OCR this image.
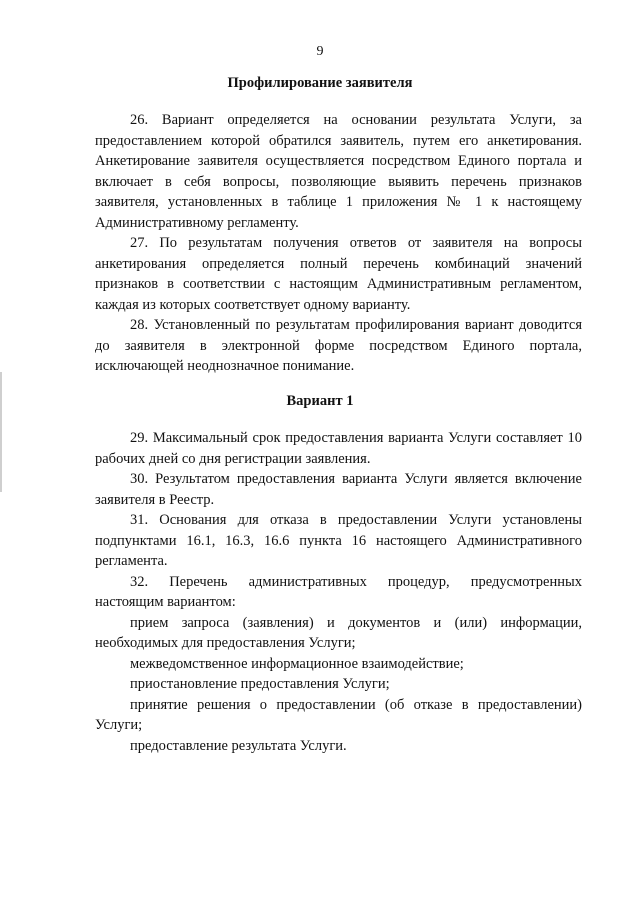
9
Профилирование заявителя

26. Вариант определяется на основании результата Услуги, за предоставлением которой обратился заявитель, путем его анкетирования. Анкетирование заявителя осуществляется посредством Единого портала и включает в себя вопросы, позволяющие выявить перечень признаков заявителя, установленных в таблице 1 приложения № 1 к настоящему Административному регламенту.

27. По результатам получения ответов от заявителя на вопросы анкетирования определяется полный перечень комбинаций значений признаков в соответствии с настоящим Административным регламентом, каждая из которых соответствует одному варианту.

28. Установленный по результатам профилирования вариант доводится до заявителя в электронной форме посредством Единого портала, исключающей неоднозначное понимание.

Вариант 1

29. Максимальный срок предоставления варианта Услуги составляет 10 рабочих дней со дня регистрации заявления.

30. Результатом предоставления варианта Услуги является включение заявителя в Реестр.

31. Основания для отказа в предоставлении Услуги установлены подпунктами 16.1, 16.3, 16.6 пункта 16 настоящего Административного регламента.

32. Перечень административных процедур, предусмотренных настоящим вариантом:

прием запроса (заявления) и документов и (или) информации, необходимых для предоставления Услуги;

межведомственное информационное взаимодействие;

приостановление предоставления Услуги;

принятие решения о предоставлении (об отказе в предоставлении) Услуги;

предоставление результата Услуги.
